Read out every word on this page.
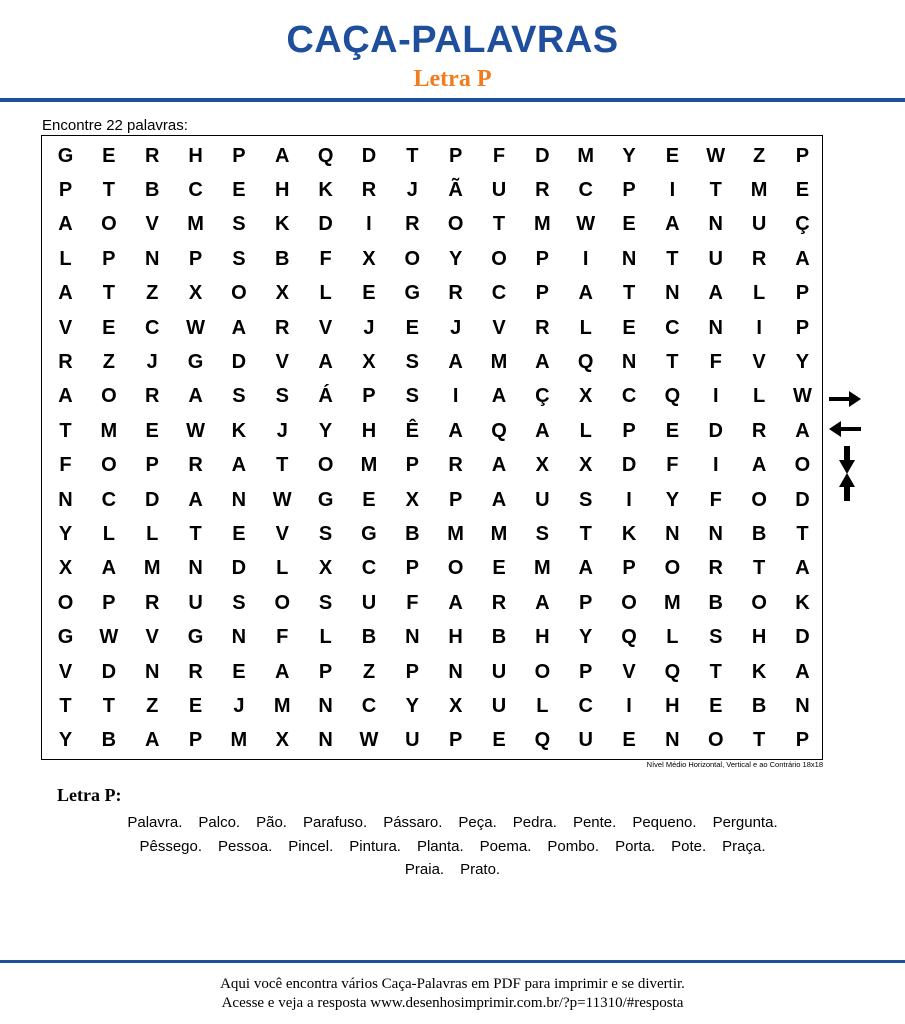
CAÇA-PALAVRAS
Letra P
Encontre 22 palavras:
G	E	R	H	P	A	Q	D	T	P	F	D	M	Y	E	W	Z	P
P	T	B	C	E	H	K	R	J	Ã	U	R	C	P	I	T	M	E
A	O	V	M	S	K	D	I	R	O	T	M	W	E	A	N	U	Ç
L	P	N	P	S	B	F	X	O	Y	O	P	I	N	T	U	R	A
A	T	Z	X	O	X	L	E	G	R	C	P	A	T	N	A	L	P
V	E	C	W	A	R	V	J	E	J	V	R	L	E	C	N	I	P
R	Z	J	G	D	V	A	X	S	A	M	A	Q	N	T	F	V	Y
A	O	R	A	S	S	Á	P	S	I	A	Ç	X	C	Q	I	L	W
T	M	E	W	K	J	Y	H	Ê	A	Q	A	L	P	E	D	R	A
F	O	P	R	A	T	O	M	P	R	A	X	X	D	F	I	A	O
N	C	D	A	N	W	G	E	X	P	A	U	S	I	Y	F	O	D
Y	L	L	T	E	V	S	G	B	M	M	S	T	K	N	N	B	T
X	A	M	N	D	L	X	C	P	O	E	M	A	P	O	R	T	A
O	P	R	U	S	O	S	U	F	A	R	A	P	O	M	B	O	K
G	W	V	G	N	F	L	B	N	H	B	H	Y	Q	L	S	H	D
V	D	N	R	E	A	P	Z	P	N	U	O	P	V	Q	T	K	A
T	T	Z	E	J	M	N	C	Y	X	U	L	C	I	H	E	B	N
Y	B	A	P	M	X	N	W	U	P	E	Q	U	E	N	O	T	P
Nível Médio Horizontal, Vertical e ao Contrário 18x18
Letra P:
Palavra. Palco. Pão. Parafuso. Pássaro. Peça. Pedra. Pente. Pequeno. Pergunta.
Pêssego. Pessoa. Pincel. Pintura. Planta. Poema. Pombo. Porta. Pote. Praça.
Praia. Prato.
Aqui você encontra vários Caça-Palavras em PDF para imprimir e se divertir.
Acesse e veja a resposta www.desenhosimprimir.com.br/?p=11310/#resposta
